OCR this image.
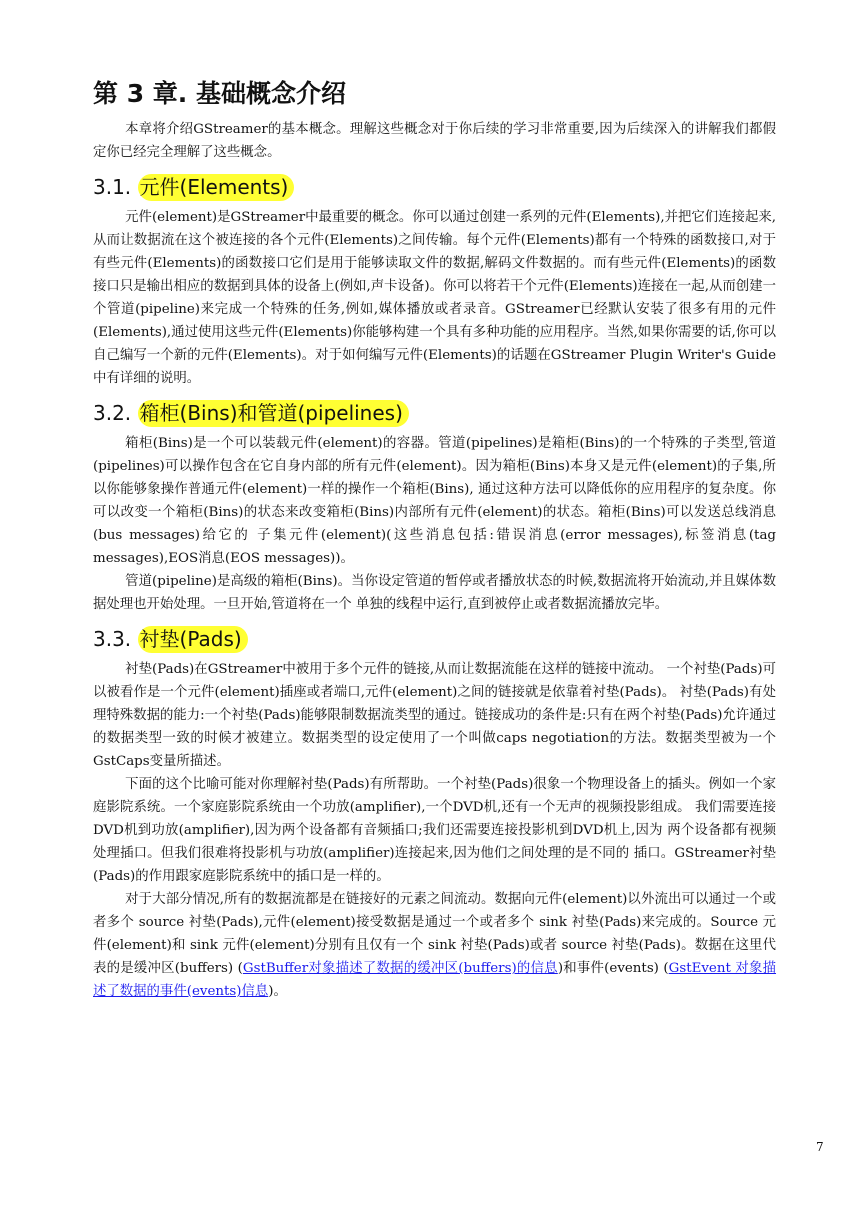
第 3 章. 基础概念介绍

本章将介绍GStreamer的基本概念。理解这些概念对于你后续的学习非常重要,因为后续深入的讲解我们都假定你已经完全理解了这些概念。

3.1. 元件(Elements)

元件(element)是GStreamer中最重要的概念。你可以通过创建一系列的元件(Elements),并把它们连接起来,从而让数据流在这个被连接的各个元件(Elements)之间传输。每个元件(Elements)都有一个特殊的函数接口,对于有些元件(Elements)的函数接口它们是用于能够读取文件的数据,解码文件数据的。而有些元件(Elements)的函数接口只是输出相应的数据到具体的设备上(例如,声卡设备)。你可以将若干个元件(Elements)连接在一起,从而创建一个管道(pipeline)来完成一个特殊的任务,例如,媒体播放或者录音。GStreamer已经默认安装了很多有用的元件(Elements),通过使用这些元件(Elements)你能够构建一个具有多种功能的应用程序。当然,如果你需要的话,你可以自己编写一个新的元件(Elements)。对于如何编写元件(Elements)的话题在GStreamer Plugin Writer's Guide中有详细的说明。

3.2. 箱柜(Bins)和管道(pipelines)

箱柜(Bins)是一个可以装载元件(element)的容器。管道(pipelines)是箱柜(Bins)的一个特殊的子类型,管道(pipelines)可以操作包含在它自身内部的所有元件(element)。因为箱柜(Bins)本身又是元件(element)的子集,所以你能够象操作普通元件(element)一样的操作一个箱柜(Bins), 通过这种方法可以降低你的应用程序的复杂度。你可以改变一个箱柜(Bins)的状态来改变箱柜(Bins)内部所有元件(element)的状态。箱柜(Bins)可以发送总线消息(bus messages)给它的 子集元件(element)(这些消息包括:错误消息(error messages),标签消息(tag messages),EOS消息(EOS messages))。

管道(pipeline)是高级的箱柜(Bins)。当你设定管道的暂停或者播放状态的时候,数据流将开始流动,并且媒体数据处理也开始处理。一旦开始,管道将在一个 单独的线程中运行,直到被停止或者数据流播放完毕。

3.3. 衬垫(Pads)

衬垫(Pads)在GStreamer中被用于多个元件的链接,从而让数据流能在这样的链接中流动。 一个衬垫(Pads)可以被看作是一个元件(element)插座或者端口,元件(element)之间的链接就是依靠着衬垫(Pads)。 衬垫(Pads)有处理特殊数据的能力:一个衬垫(Pads)能够限制数据流类型的通过。链接成功的条件是:只有在两个衬垫(Pads)允许通过的数据类型一致的时候才被建立。数据类型的设定使用了一个叫做caps negotiation的方法。数据类型被为一个GstCaps变量所描述。

下面的这个比喻可能对你理解衬垫(Pads)有所帮助。一个衬垫(Pads)很象一个物理设备上的插头。例如一个家庭影院系统。一个家庭影院系统由一个功放(amplifier),一个DVD机,还有一个无声的视频投影组成。 我们需要连接DVD机到功放(amplifier),因为两个设备都有音频插口;我们还需要连接投影机到DVD机上,因为 两个设备都有视频处理插口。但我们很难将投影机与功放(amplifier)连接起来,因为他们之间处理的是不同的 插口。GStreamer衬垫(Pads)的作用跟家庭影院系统中的插口是一样的。

对于大部分情况,所有的数据流都是在链接好的元素之间流动。数据向元件(element)以外流出可以通过一个或者多个 source 衬垫(Pads),元件(element)接受数据是通过一个或者多个 sink 衬垫(Pads)来完成的。Source 元件(element)和 sink 元件(element)分别有且仅有一个 sink 衬垫(Pads)或者 source 衬垫(Pads)。数据在这里代表的是缓冲区(buffers) (GstBuffer对象描述了数据的缓冲区(buffers)的信息)和事件(events) (GstEvent 对象描述了数据的事件(events)信息)。

7
